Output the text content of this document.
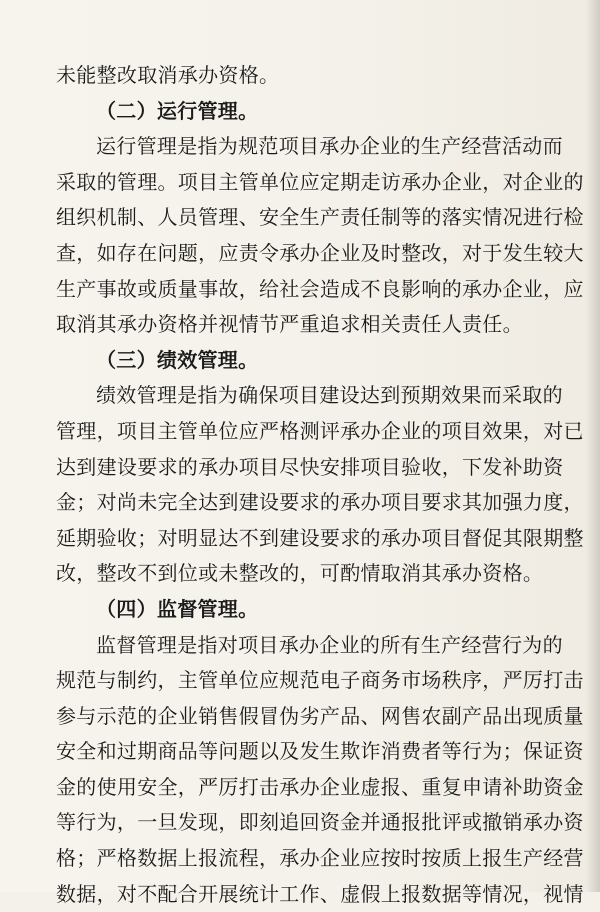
未能整改取消承办资格。
（二）运行管理。
运行管理是指为规范项目承办企业的生产经营活动而
采取的管理。项目主管单位应定期走访承办企业，对企业的
组织机制、人员管理、安全生产责任制等的落实情况进行检
查，如存在问题，应责令承办企业及时整改，对于发生较大
生产事故或质量事故，给社会造成不良影响的承办企业，应
取消其承办资格并视情节严重追求相关责任人责任。
（三）绩效管理。
绩效管理是指为确保项目建设达到预期效果而采取的
管理，项目主管单位应严格测评承办企业的项目效果，对已
达到建设要求的承办项目尽快安排项目验收，下发补助资
金；对尚未完全达到建设要求的承办项目要求其加强力度，
延期验收；对明显达不到建设要求的承办项目督促其限期整
改，整改不到位或未整改的，可酌情取消其承办资格。
（四）监督管理。
监督管理是指对项目承办企业的所有生产经营行为的
规范与制约，主管单位应规范电子商务市场秩序，严厉打击
参与示范的企业销售假冒伪劣产品、网售农副产品出现质量
安全和过期商品等问题以及发生欺诈消费者等行为；保证资
金的使用安全，严厉打击承办企业虚报、重复申请补助资金
等行为，一旦发现，即刻追回资金并通报批评或撤销承办资
格；严格数据上报流程，承办企业应按时按质上报生产经营
数据，对不配合开展统计工作、虚假上报数据等情况，视情
